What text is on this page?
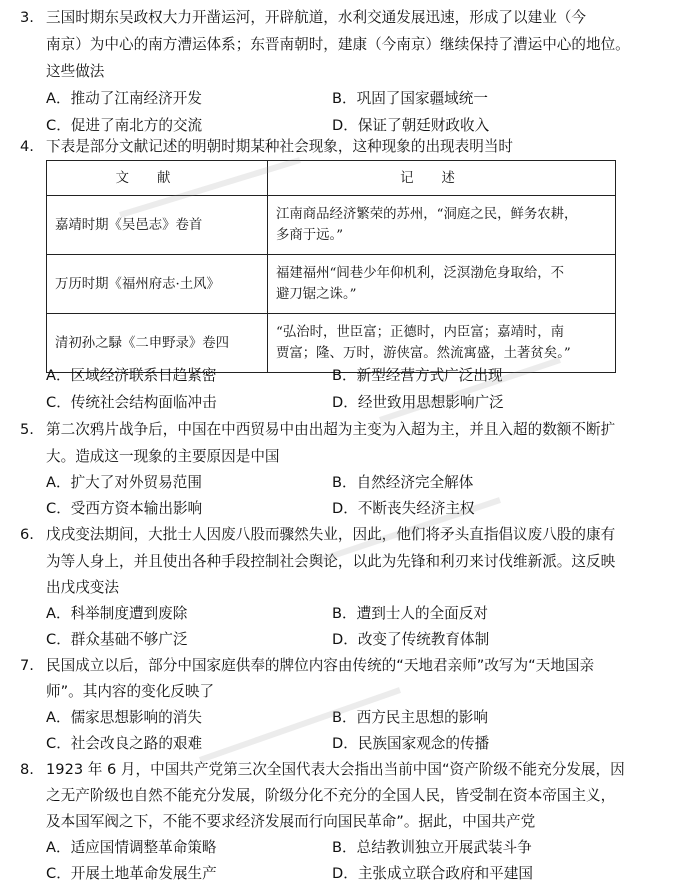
3. 三国时期东吴政权大力开凿运河，开辟航道，水利交通发展迅速，形成了以建业（今
南京）为中心的南方漕运体系；东晋南朝时，建康（今南京）继续保持了漕运中心的地位。
这些做法
A．推动了江南经济开发	B．巩固了国家疆域统一
C．促进了南北方的交流	D．保证了朝廷财政收入
4. 下表是部分文献记述的明朝时期某种社会现象，这种现象的出现表明当时
文献	记述
嘉靖时期《吴邑志》卷首	江南商品经济繁荣的苏州，“洞庭之民，鲜务农耕，
多商于远。”

万历时期《福州府志·土风》	福建福州“闾巷少年仰机利，泛溟渤危身取给，不
避刀锯之诛。”

清初孙之騄《二申野录》卷四	“弘治时，世臣富；正德时，内臣富；嘉靖时，南
贾富；隆、万时，游侠富。然流寓盛，土著贫矣。”
A．区域经济联系日趋紧密	B．新型经营方式广泛出现
C．传统社会结构面临冲击	D．经世致用思想影响广泛
5. 第二次鸦片战争后，中国在中西贸易中由出超为主变为入超为主，并且入超的数额不断扩
大。造成这一现象的主要原因是中国
A．扩大了对外贸易范围	B．自然经济完全解体
C．受西方资本输出影响	D．不断丧失经济主权
6. 戊戌变法期间，大批士人因废八股而骤然失业，因此，他们将矛头直指倡议废八股的康有
为等人身上，并且使出各种手段控制社会舆论，以此为先锋和利刃来讨伐维新派。这反映
出戊戌变法
A．科举制度遭到废除	B．遭到士人的全面反对
C．群众基础不够广泛	D．改变了传统教育体制
7. 民国成立以后，部分中国家庭供奉的牌位内容由传统的“天地君亲师”改写为“天地国亲
师”。其内容的变化反映了
A．儒家思想影响的消失	B．西方民主思想的影响
C．社会改良之路的艰难	D．民族国家观念的传播
8. 1923 年 6 月，中国共产党第三次全国代表大会指出当前中国“资产阶级不能充分发展，因
之无产阶级也自然不能充分发展，阶级分化不充分的全国人民，皆受制在资本帝国主义，
及本国军阀之下，不能不要求经济发展而行向国民革命”。据此，中国共产党
A．适应国情调整革命策略	B．总结教训独立开展武装斗争
C．开展土地革命发展生产	D．主张成立联合政府和平建国
